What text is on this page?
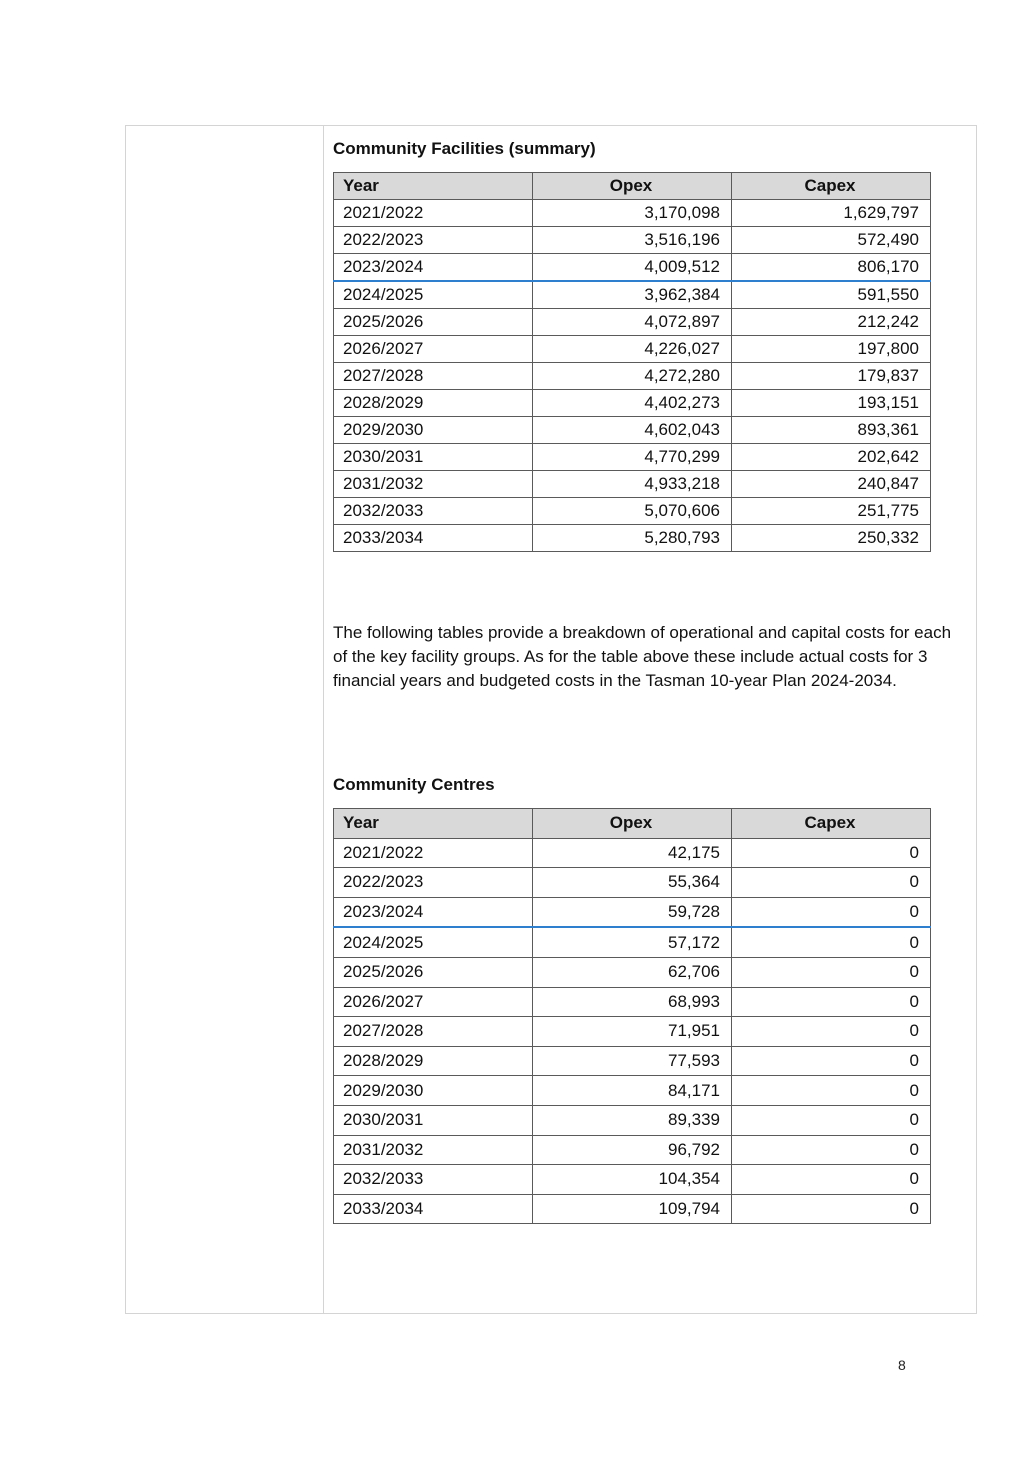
Community Facilities (summary)

Year	Opex	Capex
2021/2022	3,170,098	1,629,797
2022/2023	3,516,196	572,490
2023/2024	4,009,512	806,170
2024/2025	3,962,384	591,550
2025/2026	4,072,897	212,242
2026/2027	4,226,027	197,800
2027/2028	4,272,280	179,837
2028/2029	4,402,273	193,151
2029/2030	4,602,043	893,361
2030/2031	4,770,299	202,642
2031/2032	4,933,218	240,847
2032/2033	5,070,606	251,775
2033/2034	5,280,793	250,332

The following tables provide a breakdown of operational and capital costs for each of the key facility groups. As for the table above these include actual costs for 3 financial years and budgeted costs in the Tasman 10-year Plan 2024-2034.

Community Centres

Year	Opex	Capex
2021/2022	42,175	0
2022/2023	55,364	0
2023/2024	59,728	0
2024/2025	57,172	0
2025/2026	62,706	0
2026/2027	68,993	0
2027/2028	71,951	0
2028/2029	77,593	0
2029/2030	84,171	0
2030/2031	89,339	0
2031/2032	96,792	0
2032/2033	104,354	0
2033/2034	109,794	0
8
